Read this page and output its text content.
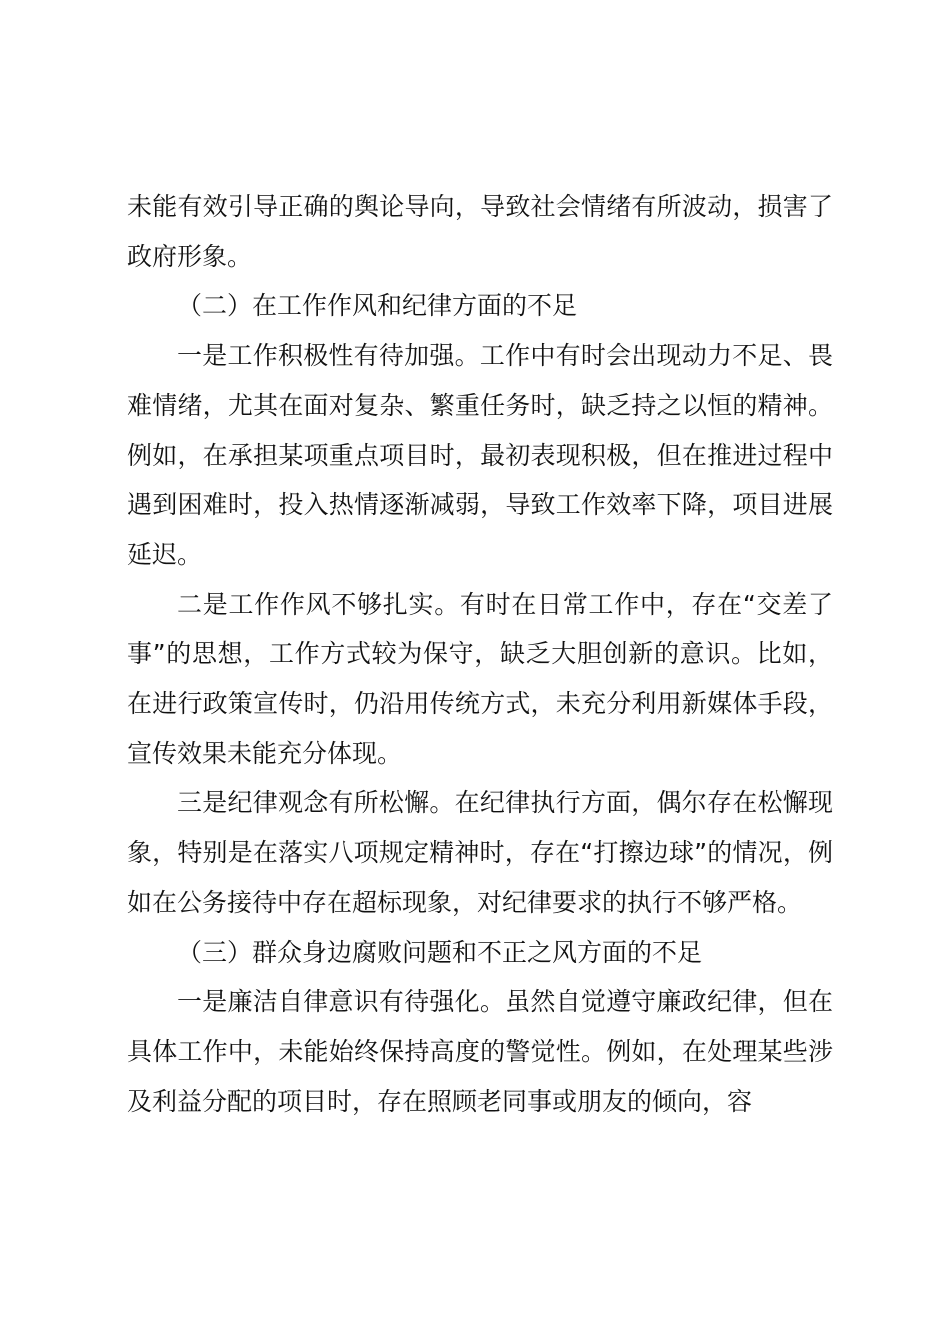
未能有效引导正确的舆论导向，导致社会情绪有所波动，损害了政府形象。

（二）在工作作风和纪律方面的不足

一是工作积极性有待加强。工作中有时会出现动力不足、畏难情绪，尤其在面对复杂、繁重任务时，缺乏持之以恒的精神。例如，在承担某项重点项目时，最初表现积极，但在推进过程中遇到困难时，投入热情逐渐减弱，导致工作效率下降，项目进展延迟。

二是工作作风不够扎实。有时在日常工作中，存在“交差了事”的思想，工作方式较为保守，缺乏大胆创新的意识。比如，在进行政策宣传时，仍沿用传统方式，未充分利用新媒体手段，宣传效果未能充分体现。

三是纪律观念有所松懈。在纪律执行方面，偶尔存在松懈现象，特别是在落实八项规定精神时，存在“打擦边球”的情况，例如在公务接待中存在超标现象，对纪律要求的执行不够严格。

（三）群众身边腐败问题和不正之风方面的不足

一是廉洁自律意识有待强化。虽然自觉遵守廉政纪律，但在具体工作中，未能始终保持高度的警觉性。例如，在处理某些涉及利益分配的项目时，存在照顾老同事或朋友的倾向，容
